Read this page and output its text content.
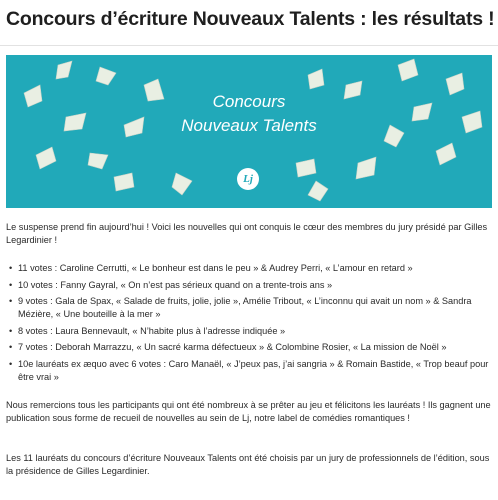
Concours d’écriture Nouveaux Talents : les résultats !
Concours
Nouveaux Talents
Lj
Le suspense prend fin aujourd’hui ! Voici les nouvelles qui ont conquis le cœur des membres du jury présidé par Gilles Legardinier !
• 11 votes : Caroline Cerrutti, « Le bonheur est dans le peu » & Audrey Perri, « L’amour en retard »
• 10 votes : Fanny Gayral, « On n’est pas sérieux quand on a trente-trois ans »
• 9 votes : Gala de Spax, « Salade de fruits, jolie, jolie », Amélie Tribout, « L’inconnu qui avait un nom » & Sandra Mézière, « Une bouteille à la mer »
• 8 votes : Laura Bennevault, « N’habite plus à l’adresse indiquée »
• 7 votes : Deborah Marrazzu, « Un sacré karma défectueux » & Colombine Rosier, « La mission de Noël »
• 10e lauréats ex æquo avec 6 votes : Caro Manaël, « J’peux pas, j’ai sangria » & Romain Bastide, « Trop beauf pour être vrai »
Nous remercions tous les participants qui ont été nombreux à se prêter au jeu et félicitons les lauréats ! Ils gagnent une publication sous forme de recueil de nouvelles au sein de Lj, notre label de comédies romantiques !
Les 11 lauréats du concours d’écriture Nouveaux Talents ont été choisis par un jury de professionnels de l’édition, sous la présidence de Gilles Legardinier.
